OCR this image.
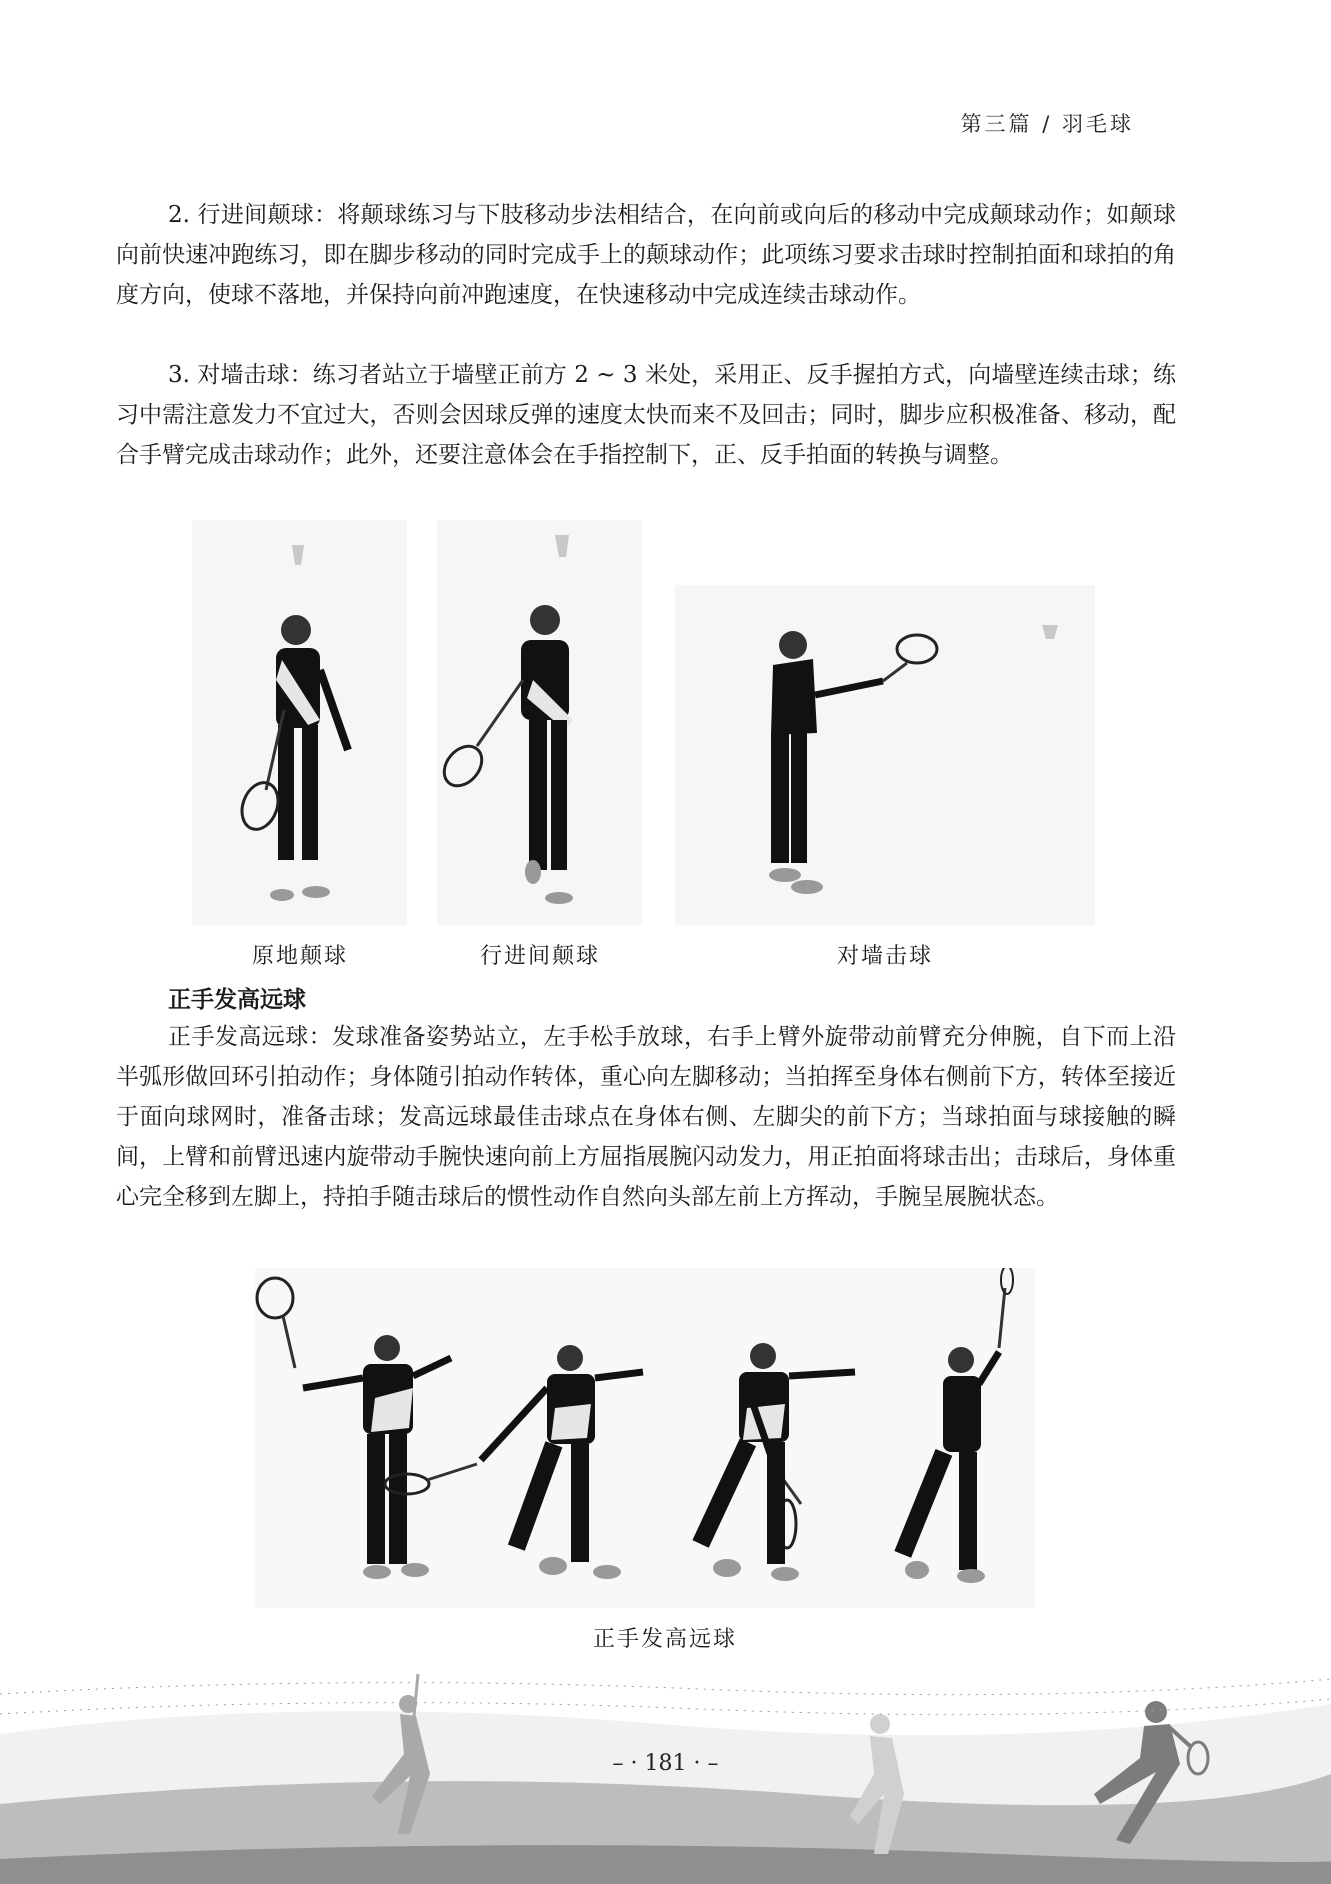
第三篇 / 羽毛球

2. 行进间颠球：将颠球练习与下肢移动步法相结合，在向前或向后的移动中完成颠球动作；如颠球向前快速冲跑练习，即在脚步移动的同时完成手上的颠球动作；此项练习要求击球时控制拍面和球拍的角度方向，使球不落地，并保持向前冲跑速度，在快速移动中完成连续击球动作。

3. 对墙击球：练习者站立于墙壁正前方 2 ~ 3 米处，采用正、反手握拍方式，向墙壁连续击球；练习中需注意发力不宜过大，否则会因球反弹的速度太快而来不及回击；同时，脚步应积极准备、移动，配合手臂完成击球动作；此外，还要注意体会在手指控制下，正、反手拍面的转换与调整。

原地颠球	行进间颠球	对墙击球
正手发高远球

正手发高远球：发球准备姿势站立，左手松手放球，右手上臂外旋带动前臂充分伸腕，自下而上沿半弧形做回环引拍动作；身体随引拍动作转体，重心向左脚移动；当拍挥至身体右侧前下方，转体至接近于面向球网时，准备击球；发高远球最佳击球点在身体右侧、左脚尖的前下方；当球拍面与球接触的瞬间，上臂和前臂迅速内旋带动手腕快速向前上方屈指展腕闪动发力，用正拍面将球击出；击球后，身体重心完全移到左脚上，持拍手随击球后的惯性动作自然向头部左前上方挥动，手腕呈展腕状态。

正手发高远球
– · 181 · –
